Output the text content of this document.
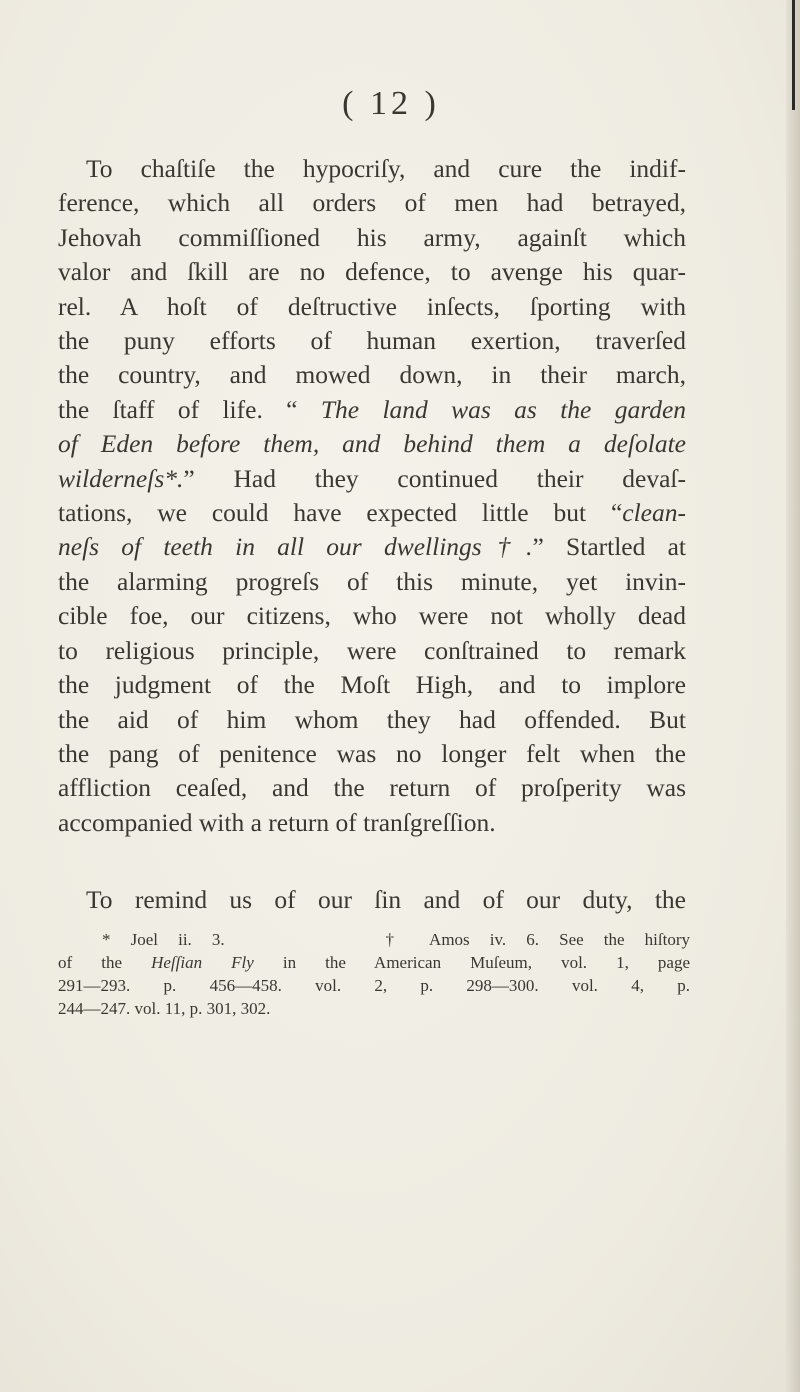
( 12 )
To chaſtiſe the hypocriſy, and cure the indif-
ference, which all orders of men had betrayed,
Jehovah commiſſioned his army, againſt which
valor and ſkill are no defence, to avenge his quar-
rel. A hoſt of deſtructive inſects, ſporting with
the puny efforts of human exertion, traverſed
the country, and mowed down, in their march,
the ſtaff of life. “ The land was as the garden
of Eden before them, and behind them a deſolate
wilderneſs*.” Had they continued their devaſ-
tations, we could have expected little but “clean-
neſs of teeth in all our dwellings†.” Startled at
the alarming progreſs of this minute, yet invin-
cible foe, our citizens, who were not wholly dead
to religious principle, were conſtrained to remark
the judgment of the Moſt High, and to implore
the aid of him whom they had offended. But
the pang of penitence was no longer felt when the
affliction ceaſed, and the return of proſperity was
accompanied with a return of tranſgreſſion.
To remind us of our ſin and of our duty, the
* Joel ii. 3.	† Amos iv. 6. See the hiſtory
of the Heſſian Fly in the American Muſeum, vol. 1, page
291—293. p. 456—458. vol. 2, p. 298—300. vol. 4, p.
244—247. vol. 11, p. 301, 302.
